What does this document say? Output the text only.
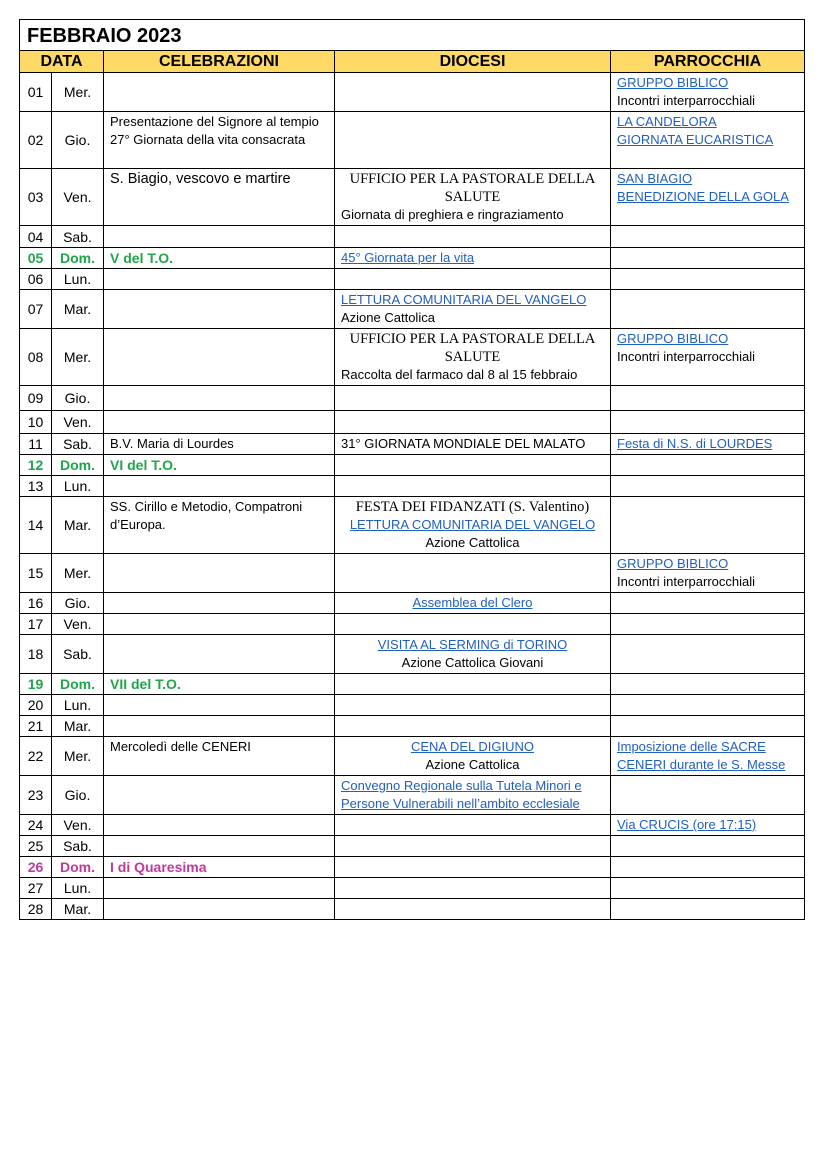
FEBBRAIO 2023				
DATA		CELEBRAZIONI	DIOCESI	PARROCCHIA
01	Mer.			GRUPPO BIBLICO
Incontri interparrocchiali

02	Gio.	Presentazione del Signore al tempio
27° Giornata della vita consacrata		LA CANDELORA
GIORNATA EUCARISTICA

03	Ven.	S. Biagio, vescovo e martire	UFFICIO PER LA PASTORALE DELLA SALUTE
Giornata di preghiera e ringraziamento	SAN BIAGIO
BENEDIZIONE DELLA GOLA

04	Sab.			
05	Dom.	V del T.O.	45° Giornata per la vita	

06	Lun.			
07	Mar.		LETTURA COMUNITARIA DEL VANGELO
Azione Cattolica	

08	Mer.		UFFICIO PER LA PASTORALE DELLA SALUTE
Raccolta del farmaco dal 8 al 15 febbraio	GRUPPO BIBLICO
Incontri interparrocchiali

09	Gio.			
10	Ven.			
11	Sab.	B.V. Maria di Lourdes	31° GIORNATA MONDIALE DEL MALATO	Festa di N.S. di LOURDES

12	Dom.	VI del T.O.		

13	Lun.			
14	Mar.	SS. Cirillo e Metodio, Compatroni d’Europa.	FESTA DEI FIDANZATI (S. Valentino)
LETTURA COMUNITARIA DEL VANGELO
Azione Cattolica	

15	Mer.			GRUPPO BIBLICO
Incontri interparrocchiali

16	Gio.		Assemblea del Clero	

17	Ven.			
18	Sab.		VISITA AL SERMING di TORINO
Azione Cattolica Giovani	

19	Dom.	VII del T.O.		

20	Lun.			
21	Mar.			
22	Mer.	Mercoledì delle CENERI	CENA DEL DIGIUNO
Azione Cattolica	Imposizione delle SACRE CENERI durante le S. Messe

23	Gio.		Convegno Regionale sulla Tutela Minori e Persone Vulnerabili nell’ambito ecclesiale	

24	Ven.			Via CRUCIS (ore 17:15)

25	Sab.			
26	Dom.	I di Quaresima		

27	Lun.			
28	Mar.			
